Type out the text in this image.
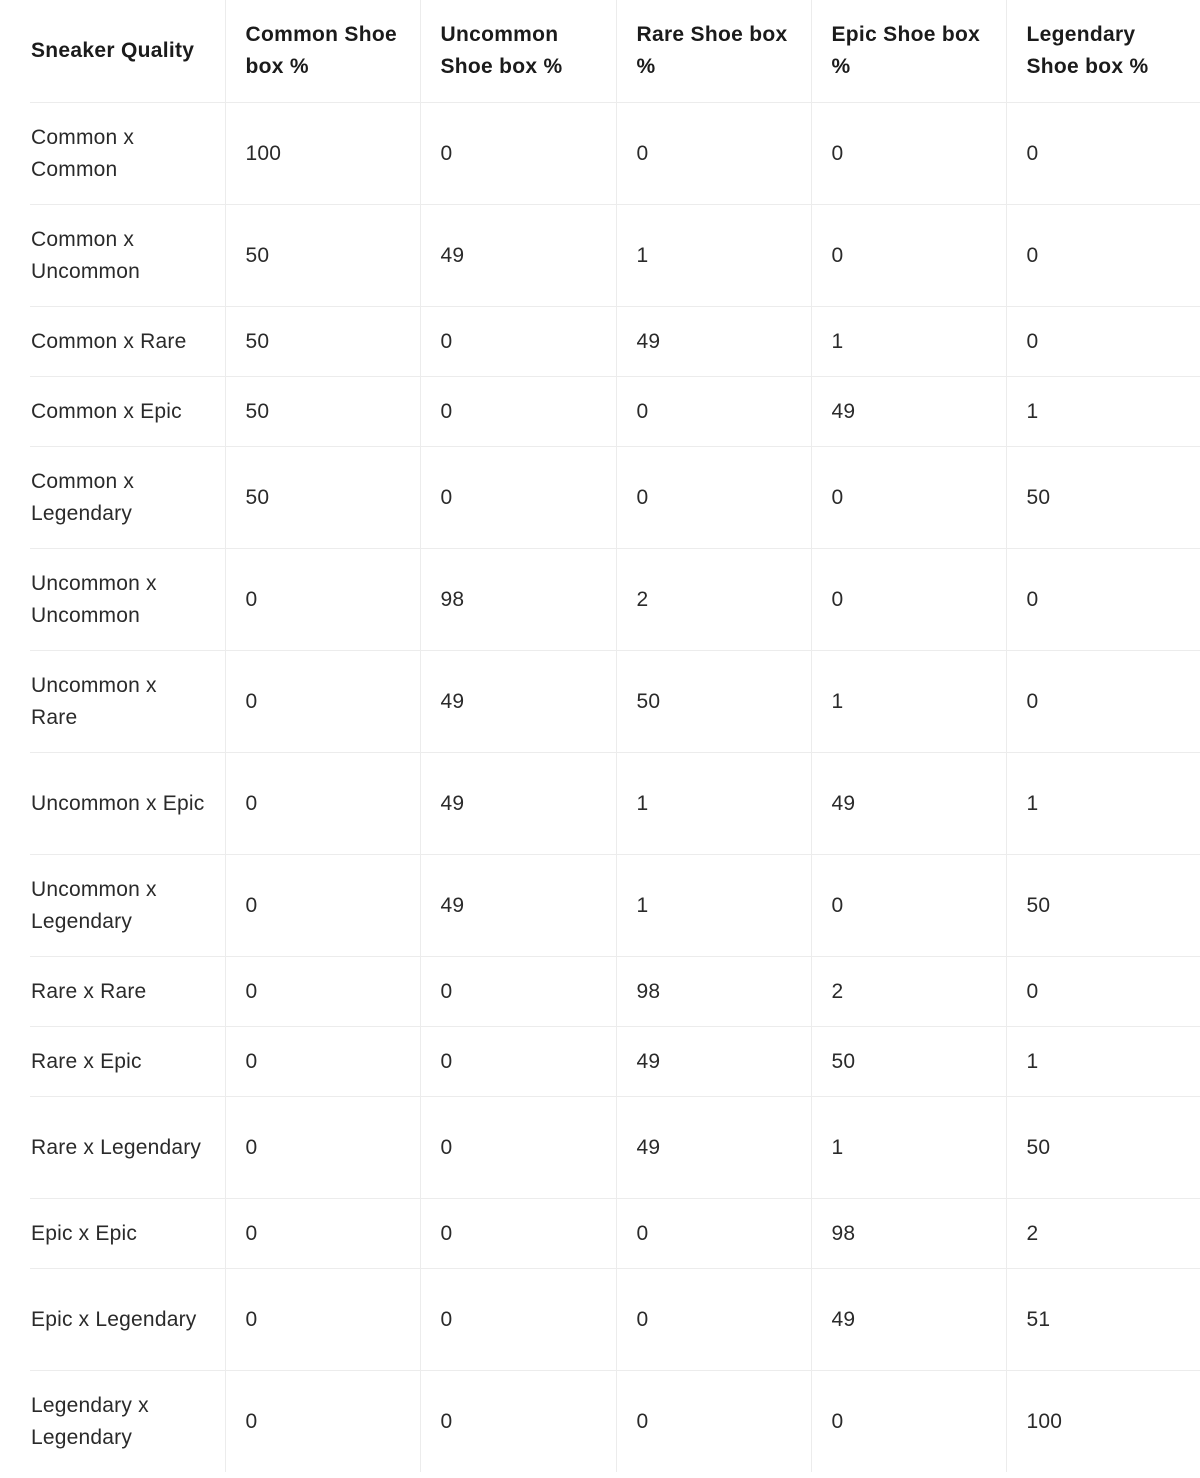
Sneaker Quality	Common Shoe box %	Uncommon Shoe box %	Rare Shoe box %	Epic Shoe box %	Legendary Shoe box %
Common x Common	100	0	0	0	0
Common x Uncommon	50	49	1	0	0
Common x Rare	50	0	49	1	0
Common x Epic	50	0	0	49	1
Common x Legendary	50	0	0	0	50
Uncommon x Uncommon	0	98	2	0	0
Uncommon x Rare	0	49	50	1	0
Uncommon x Epic	0	49	1	49	1
Uncommon x Legendary	0	49	1	0	50
Rare x Rare	0	0	98	2	0
Rare x Epic	0	0	49	50	1
Rare x Legendary	0	0	49	1	50
Epic x Epic	0	0	0	98	2
Epic x Legendary	0	0	0	49	51
Legendary x Legendary	0	0	0	0	100
